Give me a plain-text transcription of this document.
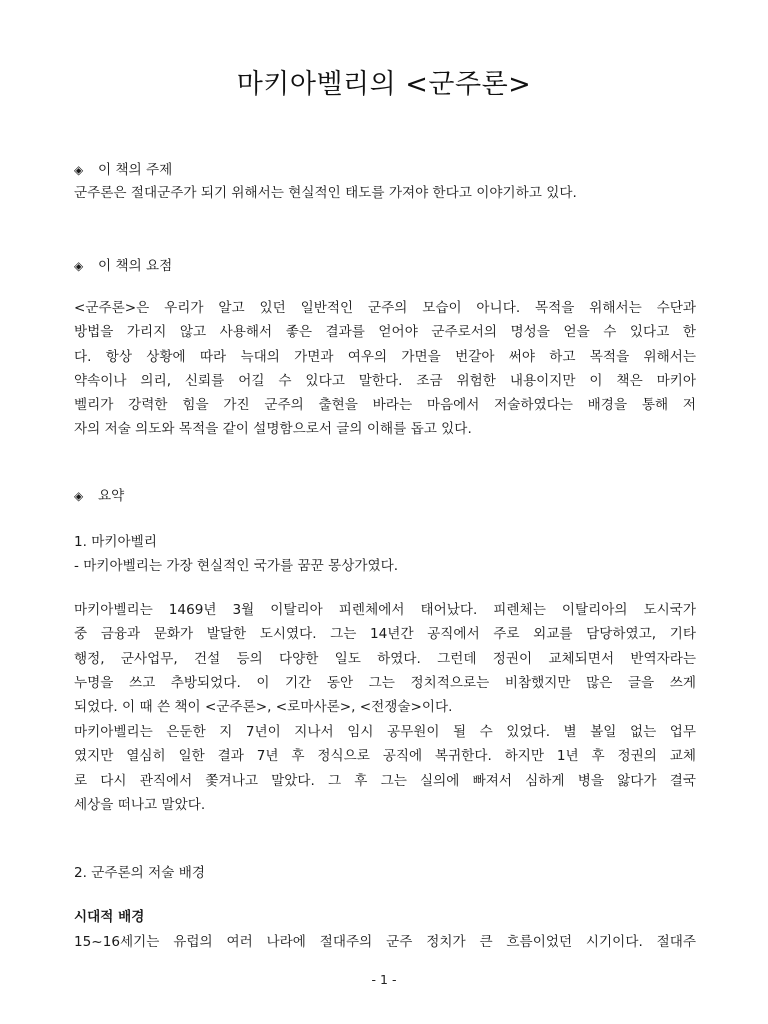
마키아벨리의 <군주론>
◈ 이 책의 주제
군주론은 절대군주가 되기 위해서는 현실적인 태도를 가져야 한다고 이야기하고 있다.
◈ 이 책의 요점
<군주론>은 우리가 알고 있던 일반적인 군주의 모습이 아니다. 목적을 위해서는 수단과
방법을 가리지 않고 사용해서 좋은 결과를 얻어야 군주로서의 명성을 얻을 수 있다고 한
다. 항상 상황에 따라 늑대의 가면과 여우의 가면을 번갈아 써야 하고 목적을 위해서는
약속이나 의리, 신뢰를 어길 수 있다고 말한다. 조금 위험한 내용이지만 이 책은 마키아
벨리가 강력한 힘을 가진 군주의 출현을 바라는 마음에서 저술하였다는 배경을 통해 저
자의 저술 의도와 목적을 같이 설명함으로서 글의 이해를 돕고 있다.
◈ 요약
1. 마키아벨리
- 마키아벨리는 가장 현실적인 국가를 꿈꾼 몽상가였다.
마키아벨리는 1469년 3월 이탈리아 피렌체에서 태어났다. 피렌체는 이탈리아의 도시국가
중 금융과 문화가 발달한 도시였다. 그는 14년간 공직에서 주로 외교를 담당하였고, 기타
행정, 군사업무, 건설 등의 다양한 일도 하였다. 그런데 정권이 교체되면서 반역자라는
누명을 쓰고 추방되었다. 이 기간 동안 그는 정치적으로는 비참했지만 많은 글을 쓰게
되었다. 이 때 쓴 책이 <군주론>, <로마사론>, <전쟁술>이다.
마키아벨리는 은둔한 지 7년이 지나서 임시 공무원이 될 수 있었다. 별 볼일 없는 업무
였지만 열심히 일한 결과 7년 후 정식으로 공직에 복귀한다. 하지만 1년 후 정권의 교체
로 다시 관직에서 쫓겨나고 말았다. 그 후 그는 실의에 빠져서 심하게 병을 앓다가 결국
세상을 떠나고 말았다.
2. 군주론의 저술 배경
시대적 배경
15~16세기는 유럽의 여러 나라에 절대주의 군주 정치가 큰 흐름이었던 시기이다. 절대주
- 1 -
